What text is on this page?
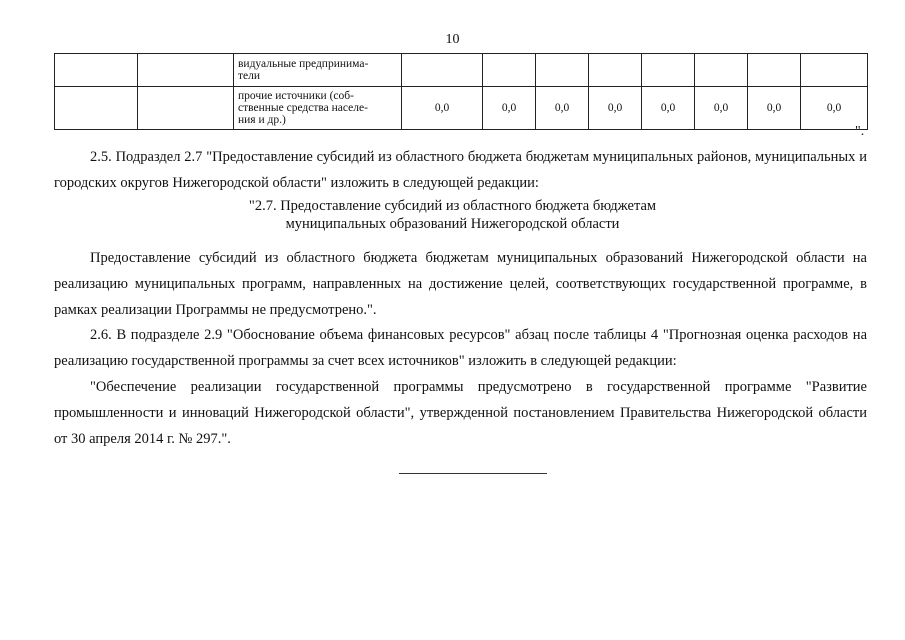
10
		видуальные предпринима-
тели								
		прочие источники (соб-
ственные средства населе-
ния и др.)	0,0	0,0	0,0	0,0	0,0	0,0	0,0	0,0
".

2.5. Подраздел 2.7 "Предоставление субсидий из областного бюджета бюджетам муниципальных районов, муниципальных и городских округов Нижегородской области" изложить в следующей редакции:

"2.7. Предоставление субсидий из областного бюджета бюджетам
муниципальных образований Нижегородской области

Предоставление субсидий из областного бюджета бюджетам муниципальных образований Нижегородской области на реализацию муниципальных программ, направленных на достижение целей, соответствующих государственной программе, в рамках реализации Программы не предусмотрено.".

2.6. В подразделе 2.9 "Обоснование объема финансовых ресурсов" абзац после таблицы 4 "Прогнозная оценка расходов на реализацию государственной программы за счет всех источников" изложить в следующей редакции:

"Обеспечение реализации государственной программы предусмотрено в государственной программе "Развитие промышленности и инноваций Нижегородской области", утвержденной постановлением Правительства Нижегородской области от 30 апреля 2014 г. № 297.".
